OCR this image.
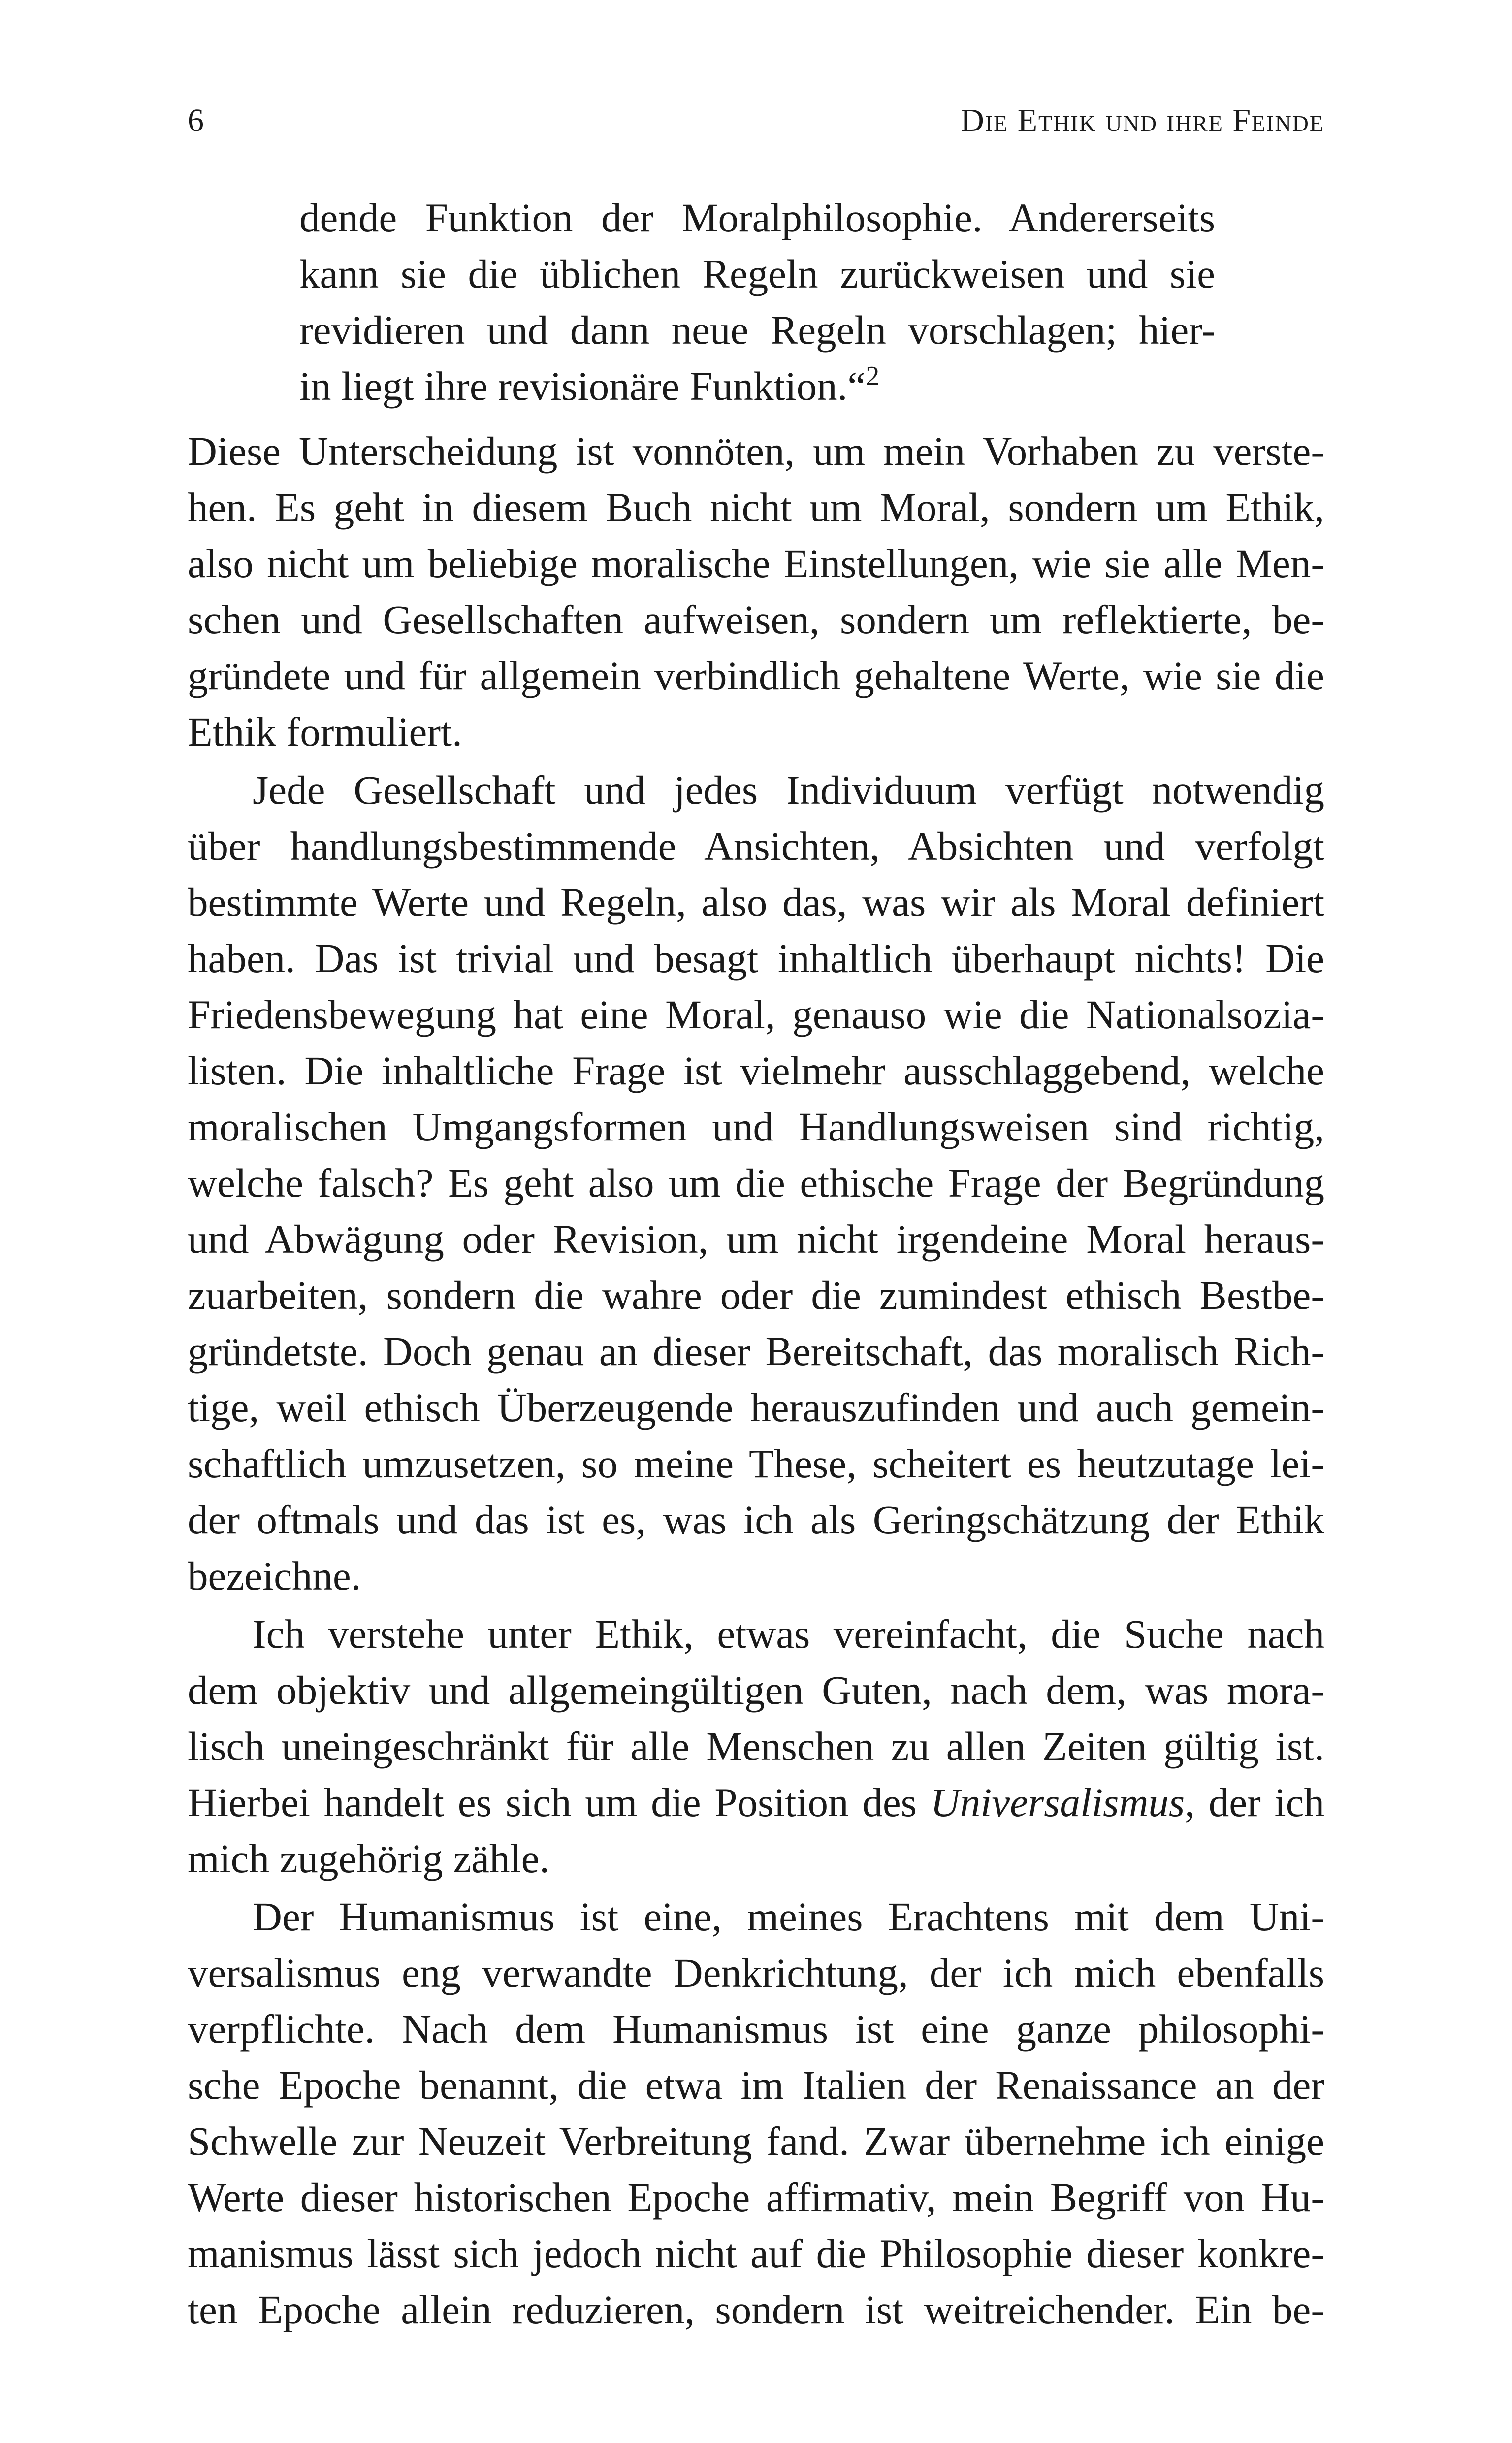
6	Die Ethik und ihre Feinde
dende Funktion der Moralphilosophie. Andererseits
kann sie die üblichen Regeln zurückweisen und sie
revidieren und dann neue Regeln vorschlagen; hier-
in liegt ihre revisionäre Funktion.“$^2$
Diese Unterscheidung ist vonnöten, um mein Vorhaben zu verste-
hen. Es geht in diesem Buch nicht um Moral, sondern um Ethik,
also nicht um beliebige moralische Einstellungen, wie sie alle Men-
schen und Gesellschaften aufweisen, sondern um reflektierte, be-
gründete und für allgemein verbindlich gehaltene Werte, wie sie die
Ethik formuliert.
Jede Gesellschaft und jedes Individuum verfügt notwendig
über handlungsbestimmende Ansichten, Absichten und verfolgt
bestimmte Werte und Regeln, also das, was wir als Moral definiert
haben. Das ist trivial und besagt inhaltlich überhaupt nichts! Die
Friedensbewegung hat eine Moral, genauso wie die Nationalsozia-
listen. Die inhaltliche Frage ist vielmehr ausschlaggebend, welche
moralischen Umgangsformen und Handlungsweisen sind richtig,
welche falsch? Es geht also um die ethische Frage der Begründung
und Abwägung oder Revision, um nicht irgendeine Moral heraus-
zuarbeiten, sondern die wahre oder die zumindest ethisch Bestbe-
gründetste. Doch genau an dieser Bereitschaft, das moralisch Rich-
tige, weil ethisch Überzeugende herauszufinden und auch gemein-
schaftlich umzusetzen, so meine These, scheitert es heutzutage lei-
der oftmals und das ist es, was ich als Geringschätzung der Ethik
bezeichne.
Ich verstehe unter Ethik, etwas vereinfacht, die Suche nach
dem objektiv und allgemeingültigen Guten, nach dem, was mora-
lisch uneingeschränkt für alle Menschen zu allen Zeiten gültig ist.
Hierbei handelt es sich um die Position des Universalismus, der ich
mich zugehörig zähle.
Der Humanismus ist eine, meines Erachtens mit dem Uni-
versalismus eng verwandte Denkrichtung, der ich mich ebenfalls
verpflichte. Nach dem Humanismus ist eine ganze philosophi-
sche Epoche benannt, die etwa im Italien der Renaissance an der
Schwelle zur Neuzeit Verbreitung fand. Zwar übernehme ich einige
Werte dieser historischen Epoche affirmativ, mein Begriff von Hu-
manismus lässt sich jedoch nicht auf die Philosophie dieser konkre-
ten Epoche allein reduzieren, sondern ist weitreichender. Ein be-
